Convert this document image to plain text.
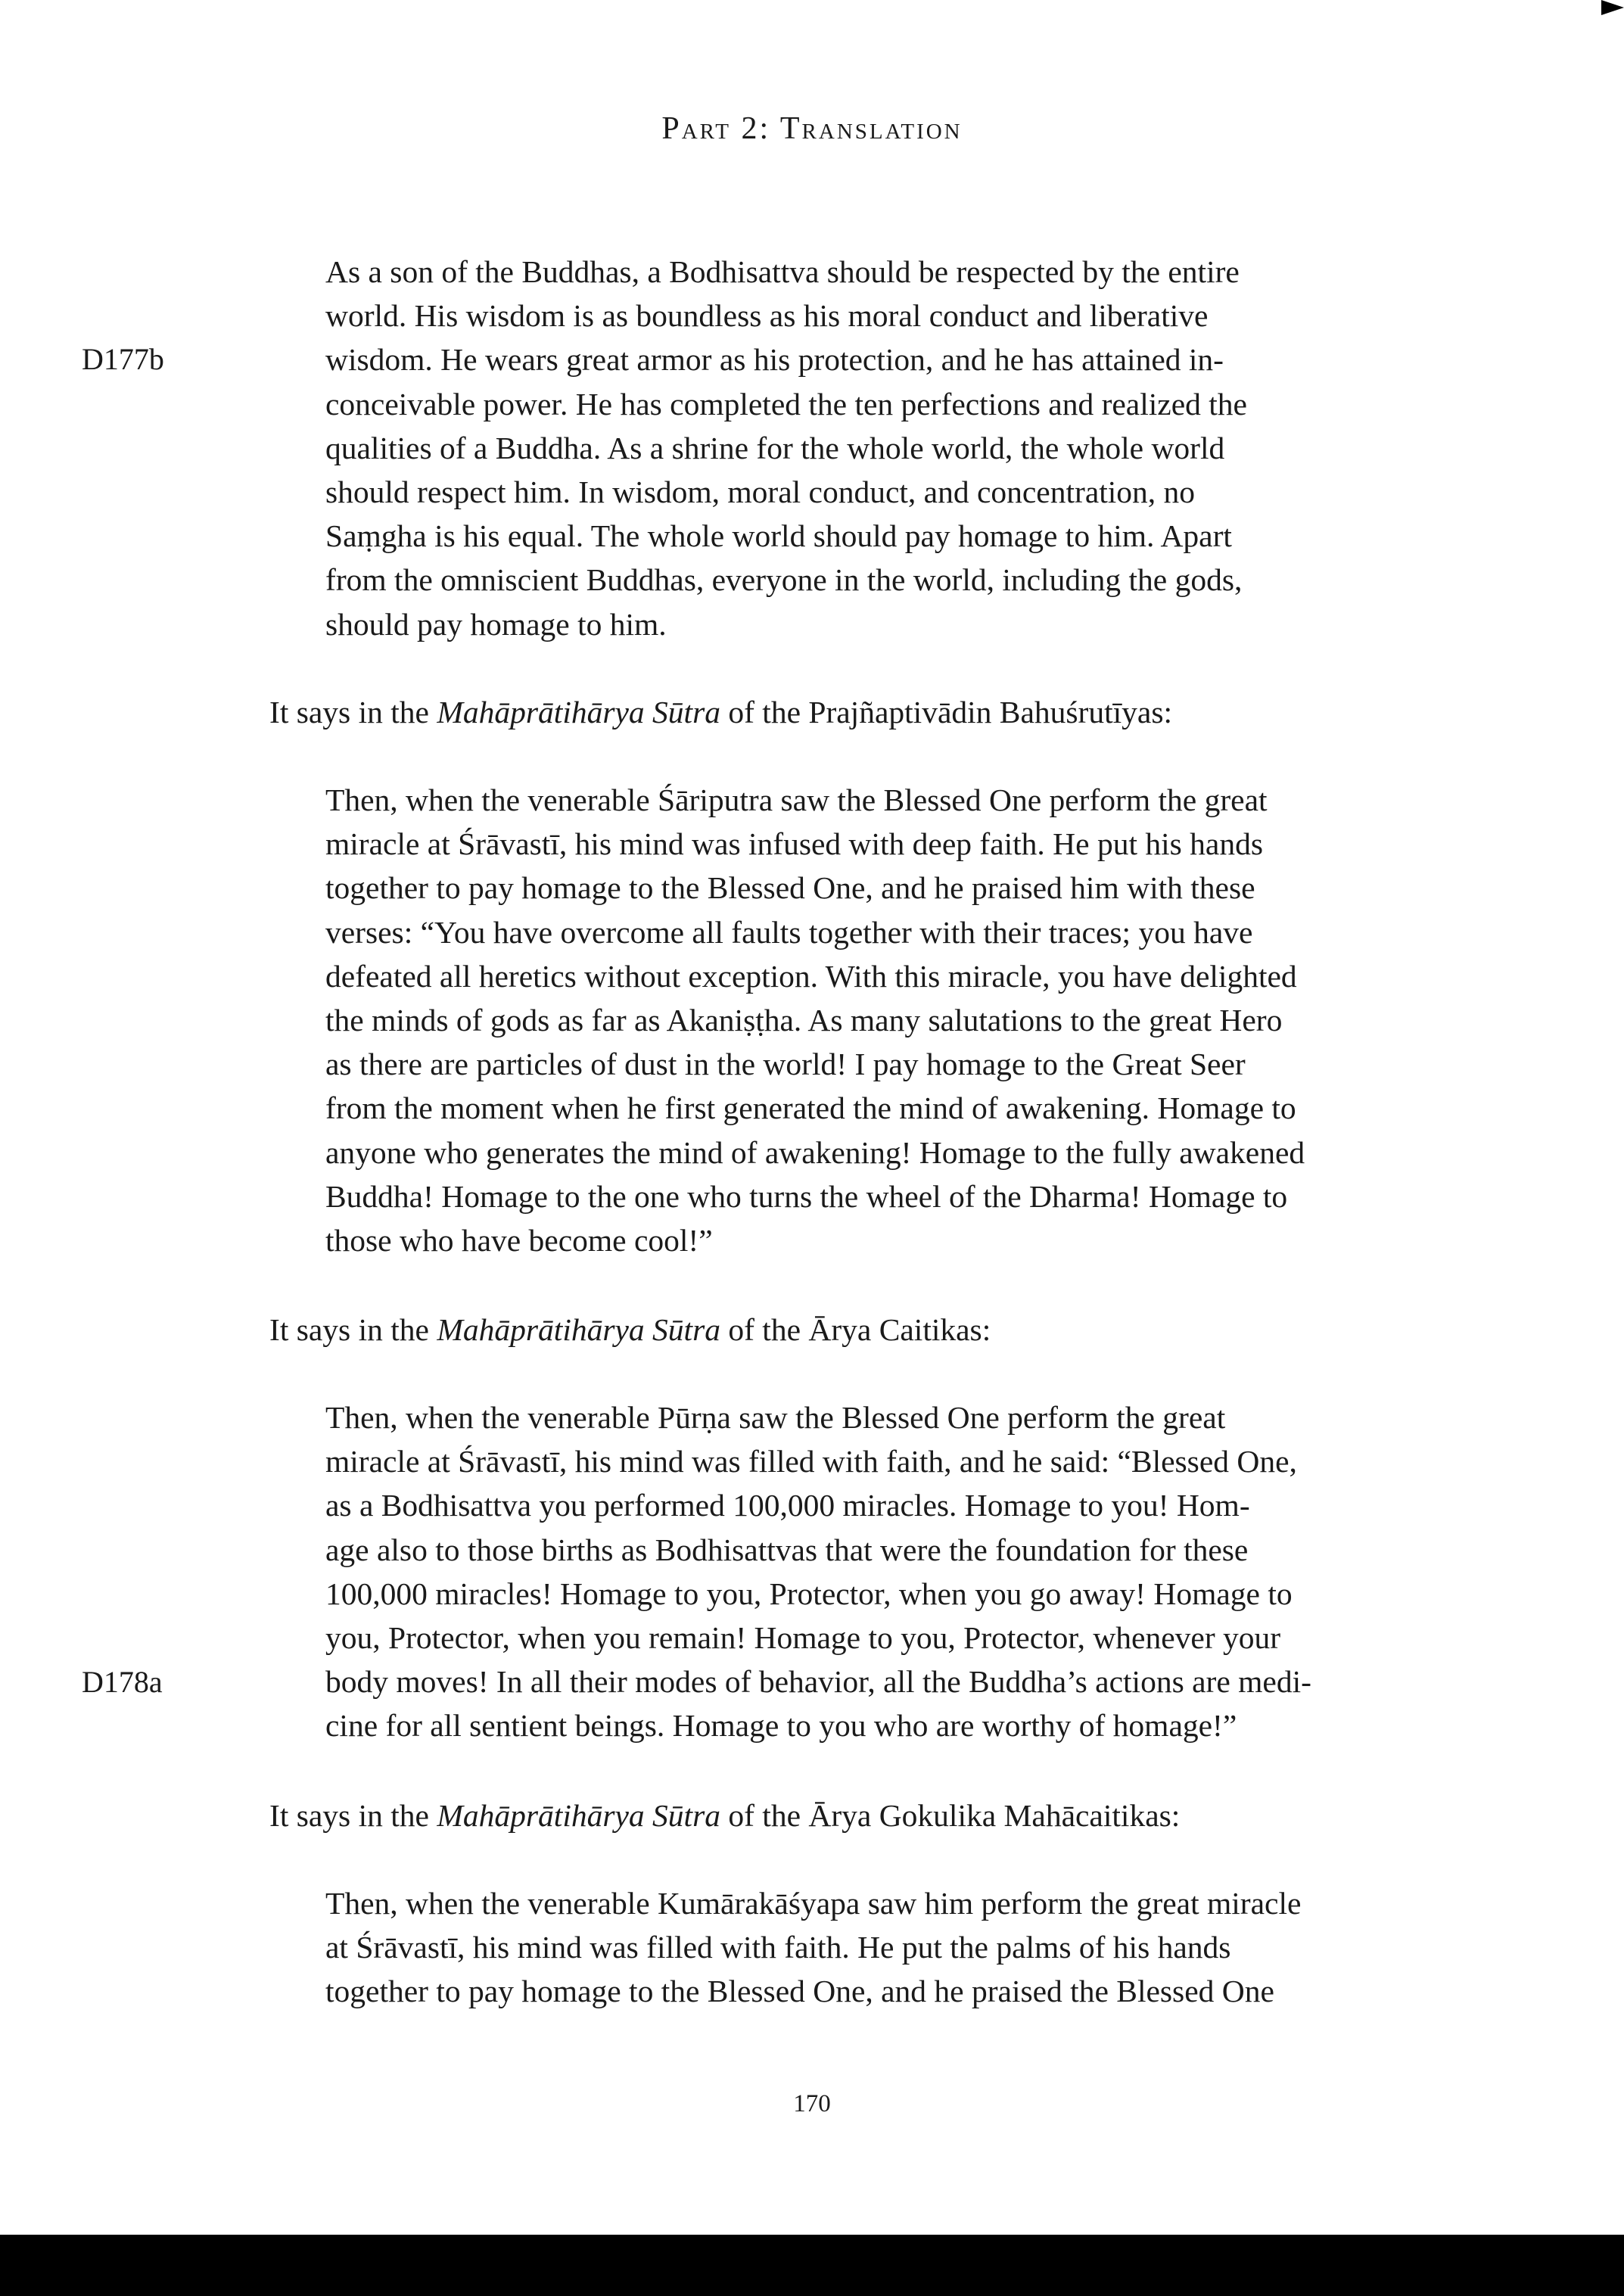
Part 2: Translation
D177b
As a son of the Buddhas, a Bodhisattva should be respected by the entire
world. His wisdom is as boundless as his moral conduct and liberative
wisdom. He wears great armor as his protection, and he has attained in-
conceivable power. He has completed the ten perfections and realized the
qualities of a Buddha. As a shrine for the whole world, the whole world
should respect him. In wisdom, moral conduct, and concentration, no
Saṃgha is his equal. The whole world should pay homage to him. Apart
from the omniscient Buddhas, everyone in the world, including the gods,
should pay homage to him.
It says in the Mahāprātihārya Sūtra of the Prajñaptivādin Bahuśrutīyas:
Then, when the venerable Śāriputra saw the Blessed One perform the great
miracle at Śrāvastī, his mind was infused with deep faith. He put his hands
together to pay homage to the Blessed One, and he praised him with these
verses: “You have overcome all faults together with their traces; you have
defeated all heretics without exception. With this miracle, you have delighted
the minds of gods as far as Akaniṣṭha. As many salutations to the great Hero
as there are particles of dust in the world! I pay homage to the Great Seer
from the moment when he first generated the mind of awakening. Homage to
anyone who generates the mind of awakening! Homage to the fully awakened
Buddha! Homage to the one who turns the wheel of the Dharma! Homage to
those who have become cool!”
It says in the Mahāprātihārya Sūtra of the Ārya Caitikas:
Then, when the venerable Pūrṇa saw the Blessed One perform the great
miracle at Śrāvastī, his mind was filled with faith, and he said: “Blessed One,
as a Bodhisattva you performed 100,000 miracles. Homage to you! Hom-
age also to those births as Bodhisattvas that were the foundation for these
100,000 miracles! Homage to you, Protector, when you go away! Homage to
you, Protector, when you remain! Homage to you, Protector, whenever your
body moves! In all their modes of behavior, all the Buddha’s actions are medi-
cine for all sentient beings. Homage to you who are worthy of homage!”
D178a
It says in the Mahāprātihārya Sūtra of the Ārya Gokulika Mahācaitikas:
Then, when the venerable Kumārakāśyapa saw him perform the great miracle
at Śrāvastī, his mind was filled with faith. He put the palms of his hands
together to pay homage to the Blessed One, and he praised the Blessed One
170
